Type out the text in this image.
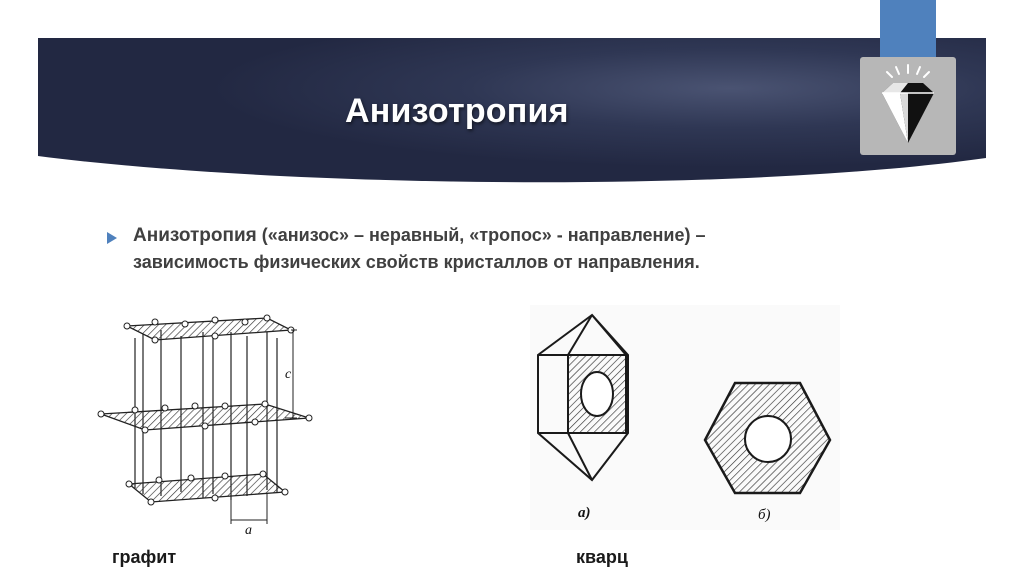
Анизотропия
Анизотропия («анизос» – неравный, «тропос» - направление) – зависимость физических свойств кристаллов от направления.
c
a
а)	б)
графит	кварц
